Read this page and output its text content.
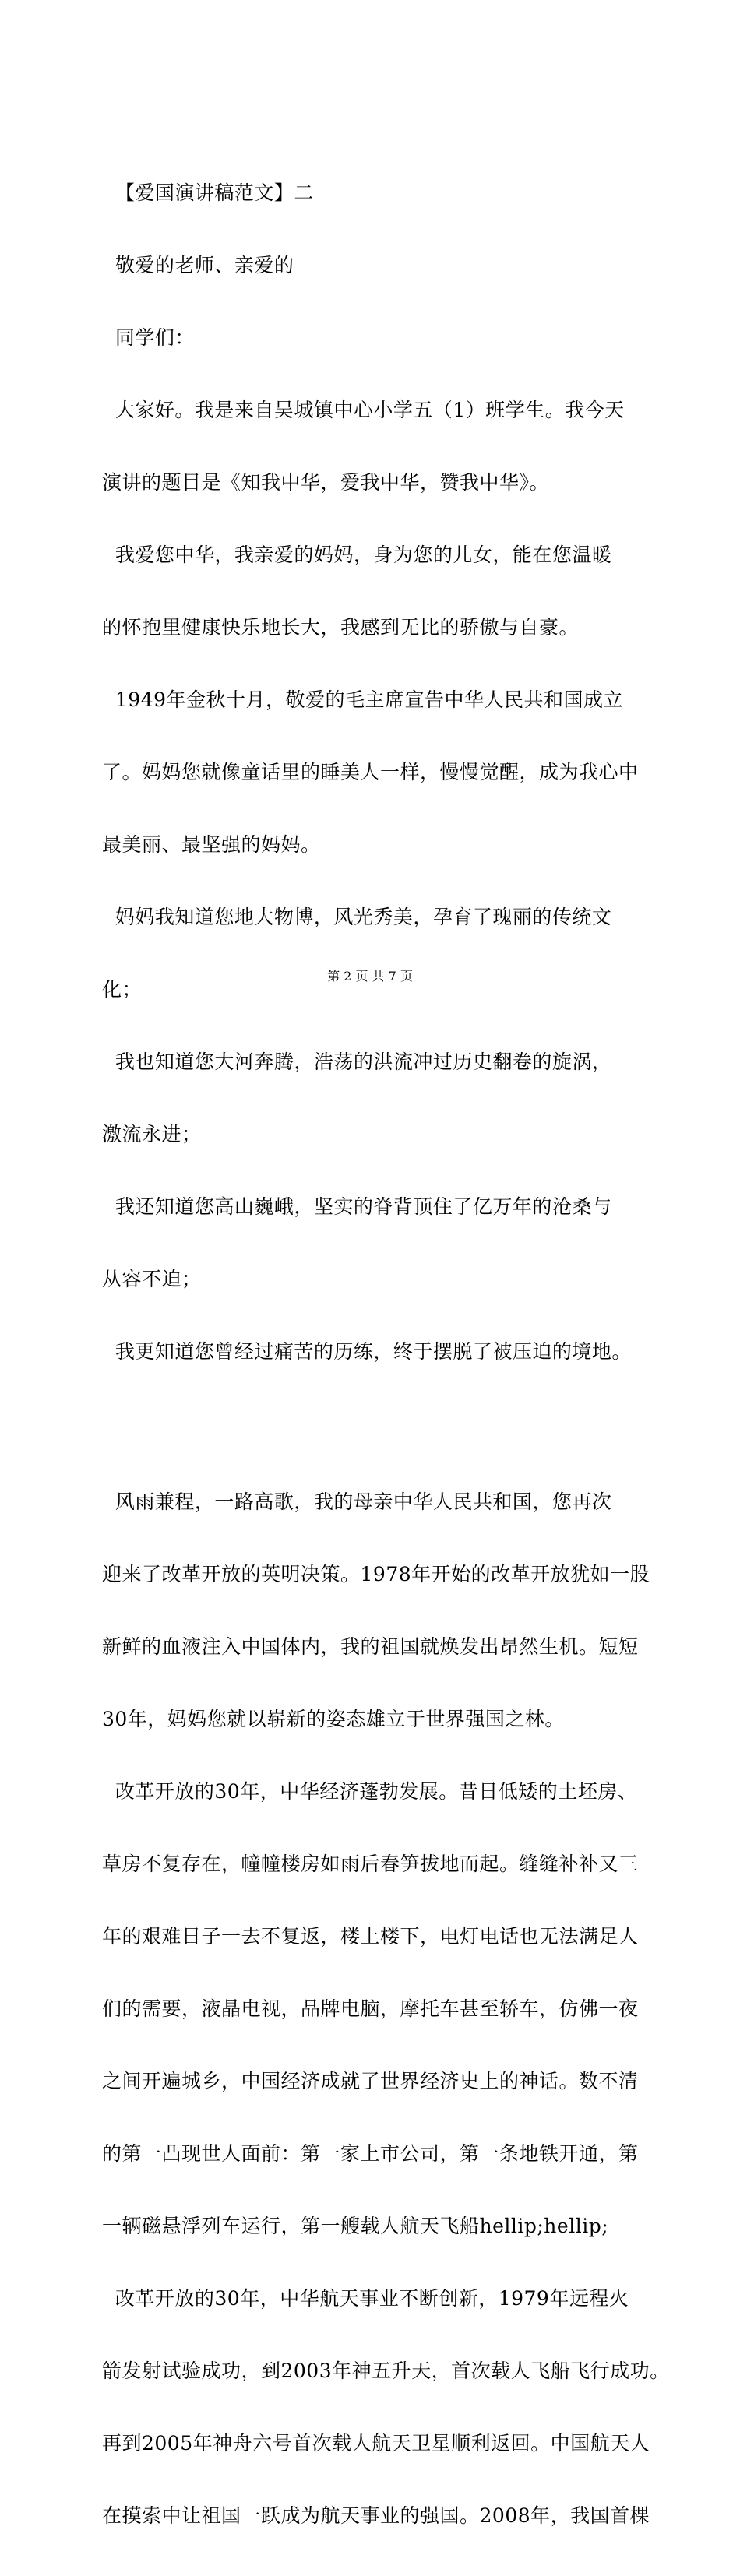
【爱国演讲稿范文】二

敬爱的老师、亲爱的

同学们：

大家好。我是来自吴城镇中心小学五（1）班学生。我今天

演讲的题目是《知我中华，爱我中华，赞我中华》。

我爱您中华，我亲爱的妈妈，身为您的儿女，能在您温暖

的怀抱里健康快乐地长大，我感到无比的骄傲与自豪。

1949年金秋十月，敬爱的毛主席宣告中华人民共和国成立

了。妈妈您就像童话里的睡美人一样，慢慢觉醒，成为我心中

最美丽、最坚强的妈妈。

妈妈我知道您地大物博，风光秀美，孕育了瑰丽的传统文

化；

我也知道您大河奔腾，浩荡的洪流冲过历史翻卷的旋涡，

激流永进；

我还知道您高山巍峨，坚实的脊背顶住了亿万年的沧桑与

从容不迫；

我更知道您曾经过痛苦的历练，终于摆脱了被压迫的境地。

风雨兼程，一路高歌，我的母亲中华人民共和国，您再次

迎来了改革开放的英明决策。1978年开始的改革开放犹如一股

新鲜的血液注入中国体内，我的祖国就焕发出昂然生机。短短

30年，妈妈您就以崭新的姿态雄立于世界强国之林。

改革开放的30年，中华经济蓬勃发展。昔日低矮的土坯房、

草房不复存在，幢幢楼房如雨后春笋拔地而起。缝缝补补又三

年的艰难日子一去不复返，楼上楼下，电灯电话也无法满足人

们的需要，液晶电视，品牌电脑，摩托车甚至轿车，仿佛一夜

之间开遍城乡，中国经济成就了世界经济史上的神话。数不清

的第一凸现世人面前：第一家上市公司，第一条地铁开通，第

一辆磁悬浮列车运行，第一艘载人航天飞船hellip;hellip;

改革开放的30年，中华航天事业不断创新，1979年远程火

箭发射试验成功，到2003年神五升天，首次载人飞船飞行成功。

再到2005年神舟六号首次载人航天卫星顺利返回。中国航天人

在摸索中让祖国一跃成为航天事业的强国。2008年，我国首棵

第 2 页 共 7 页
